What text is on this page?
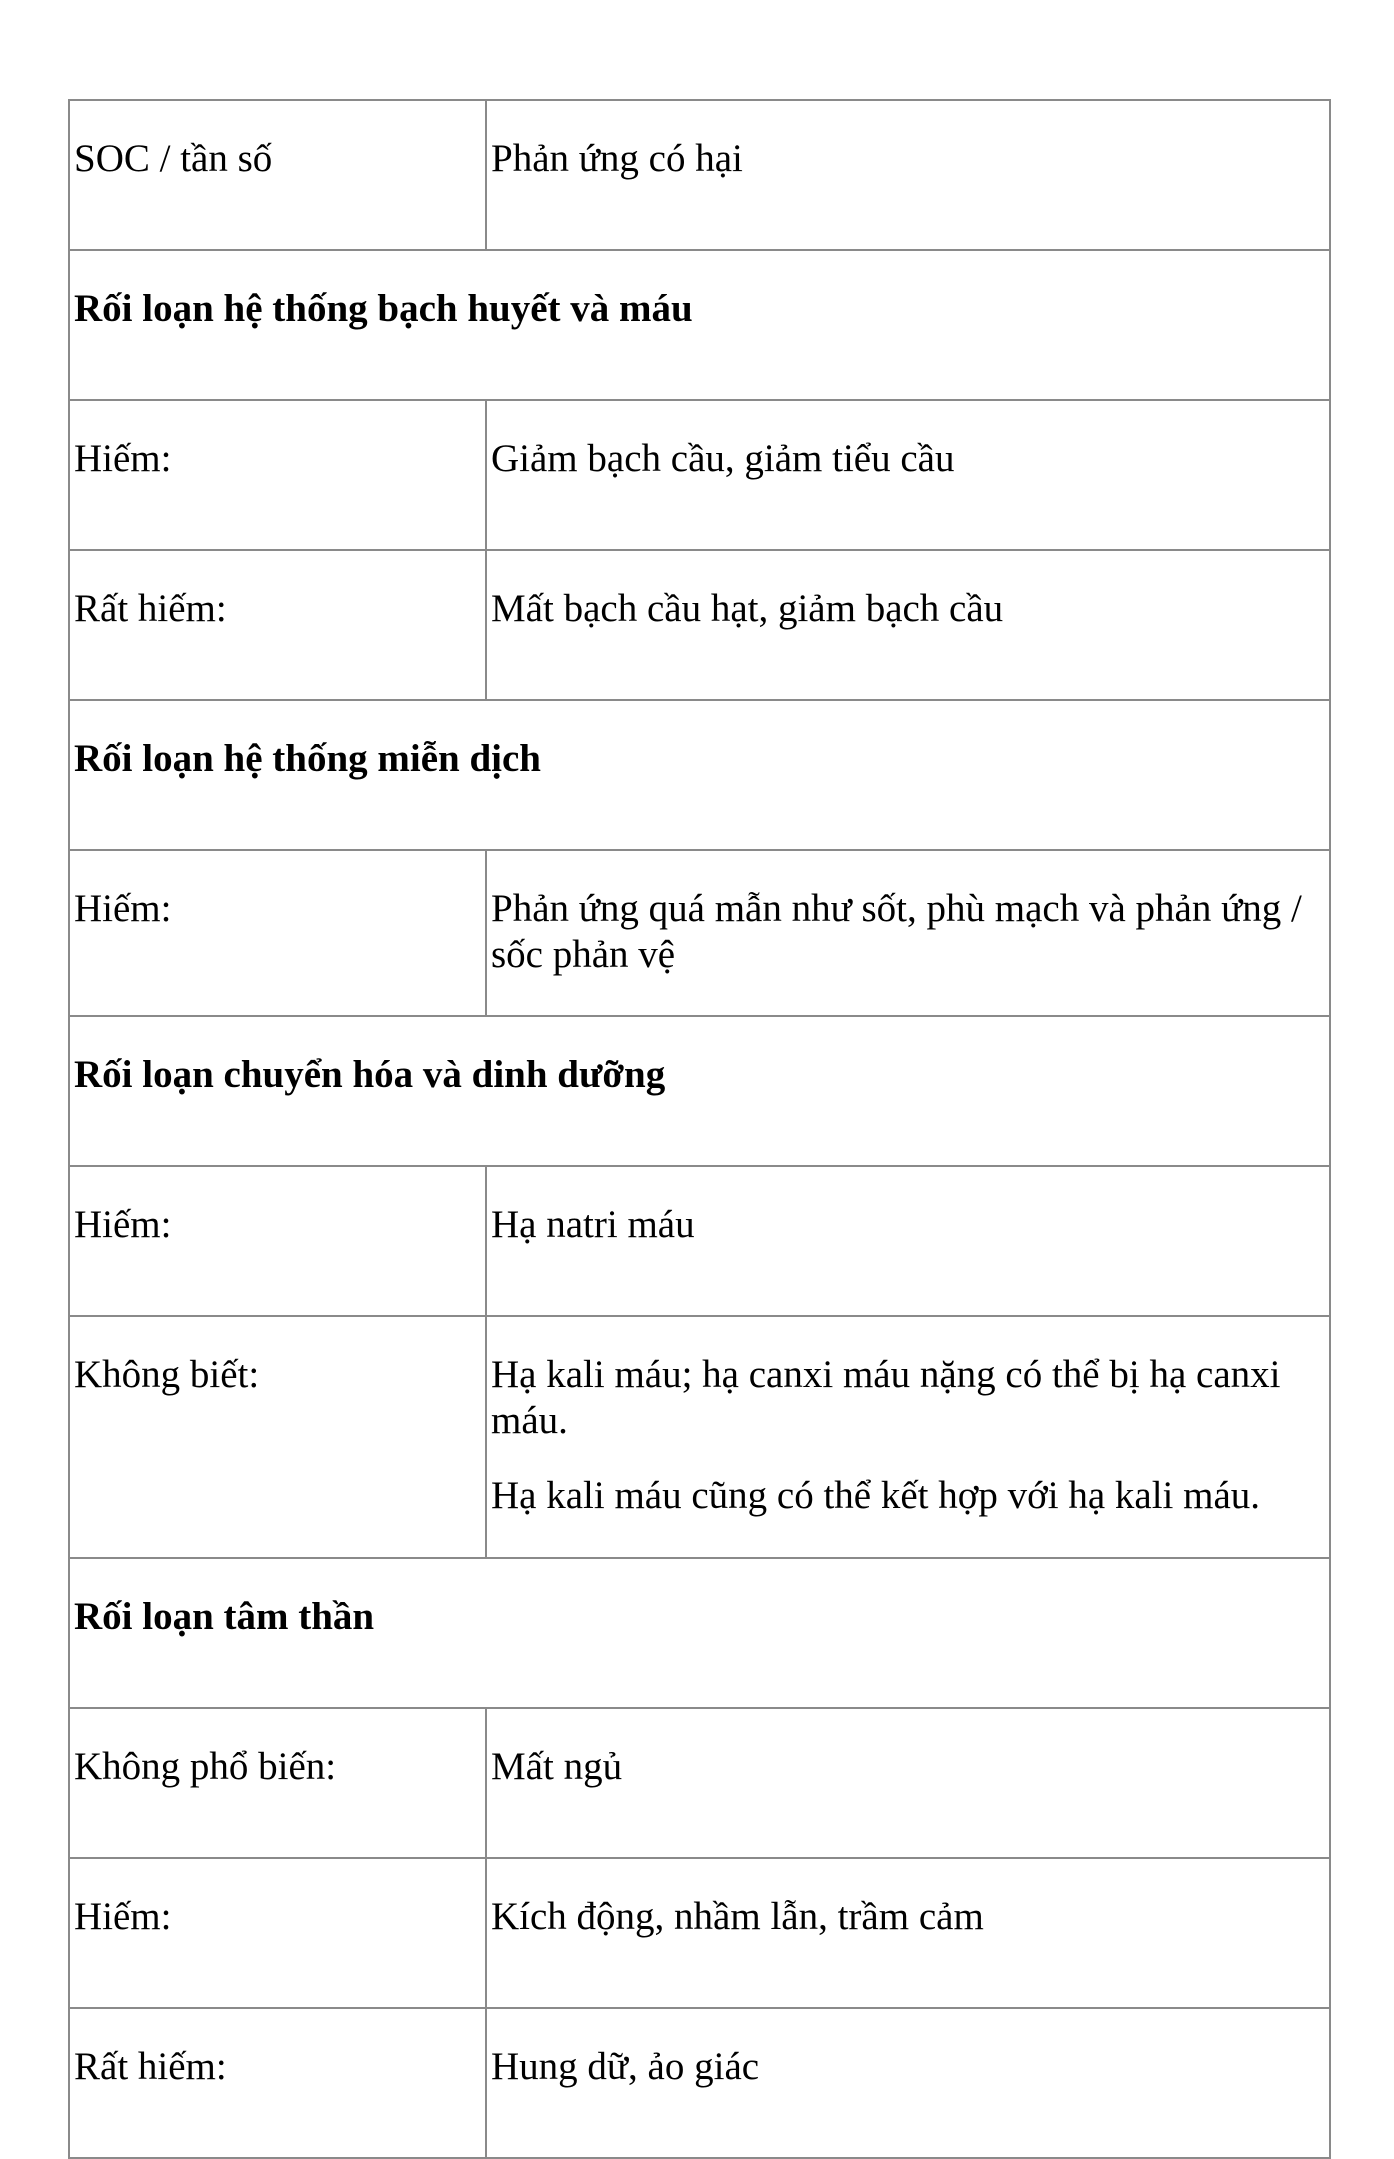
SOC / tần số	Phản ứng có hại

Rối loạn hệ thống bạch huyết và máu	

Hiếm:	Giảm bạch cầu, giảm tiểu cầu

Rất hiếm:	Mất bạch cầu hạt, giảm bạch cầu

Rối loạn hệ thống miễn dịch	

Hiếm:	Phản ứng quá mẫn như sốt, phù mạch và phản ứng / sốc phản vệ

Rối loạn chuyển hóa và dinh dưỡng	

Hiếm:	Hạ natri máu

Không biết:	Hạ kali máu; hạ canxi máu nặng có thể bị hạ canxi máu.
Hạ kali máu cũng có thể kết hợp với hạ kali máu.

Rối loạn tâm thần	

Không phổ biến:	Mất ngủ

Hiếm:	Kích động, nhầm lẫn, trầm cảm

Rất hiếm:	Hung dữ, ảo giác
